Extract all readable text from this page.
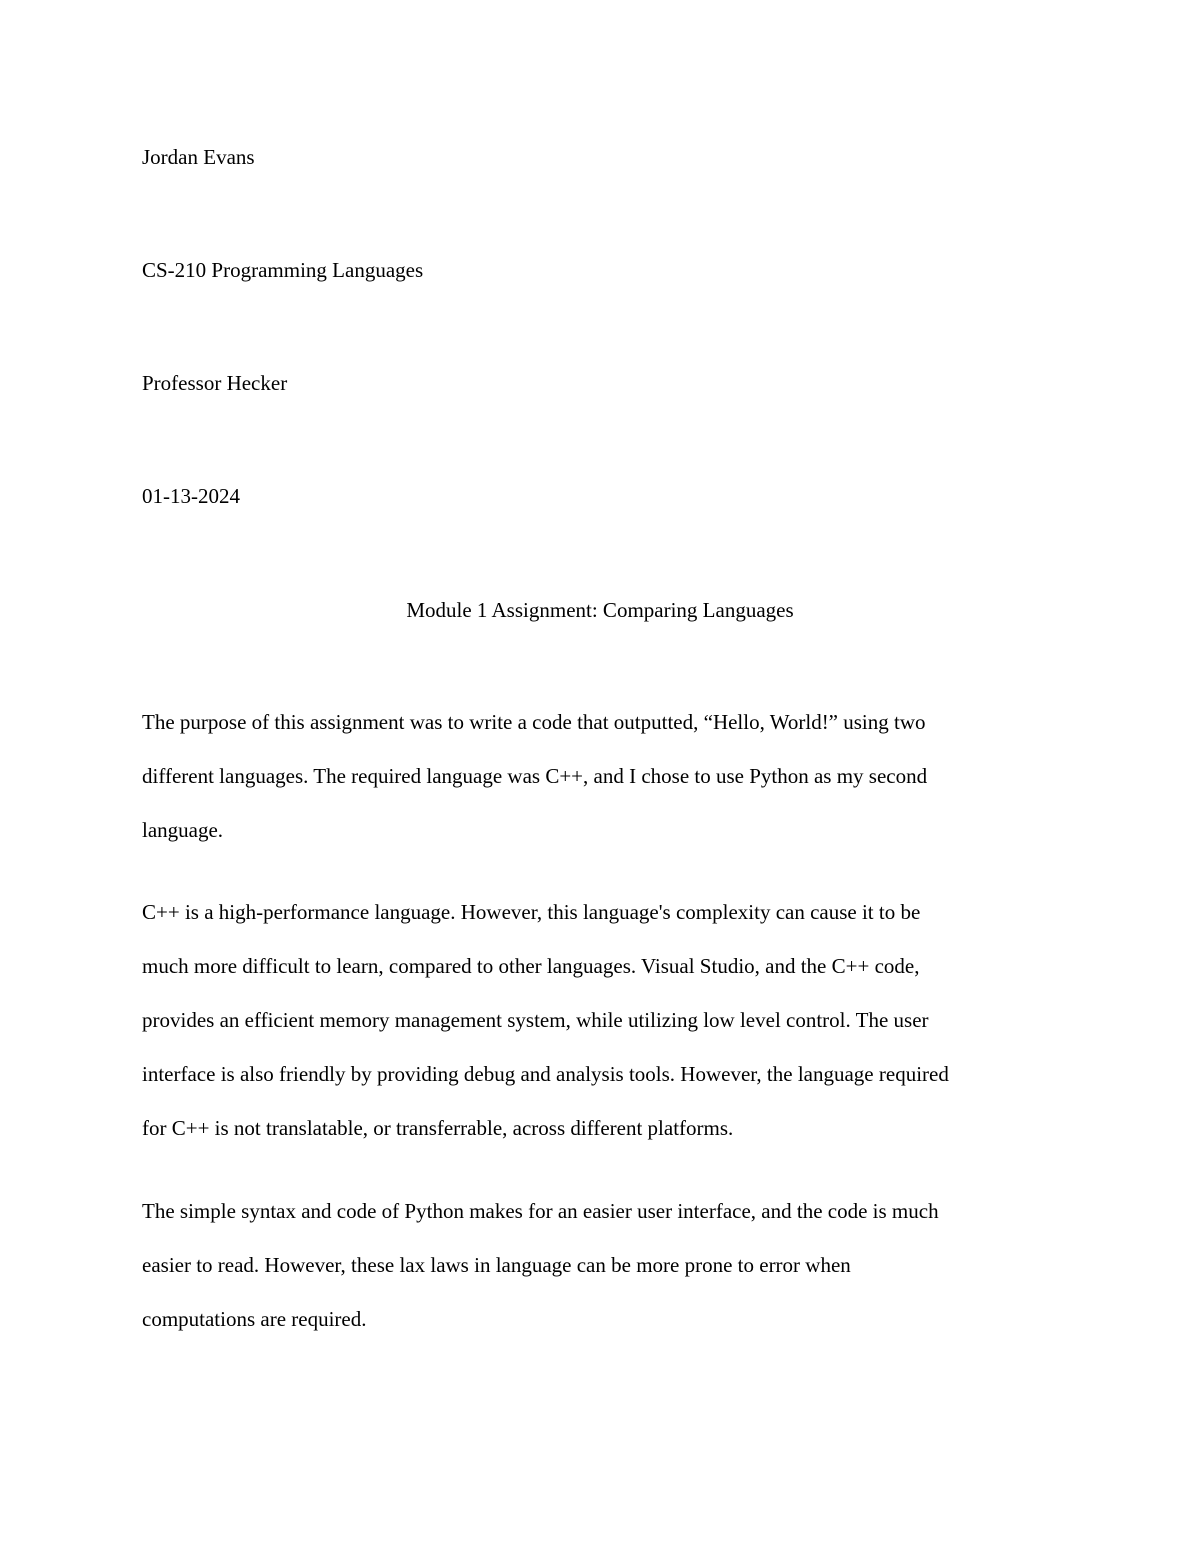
Jordan Evans
CS-210 Programming Languages
Professor Hecker
01-13-2024
Module 1 Assignment: Comparing Languages
The purpose of this assignment was to write a code that outputted, “Hello, World!” using two
different languages. The required language was C++, and I chose to use Python as my second
language.
C++ is a high-performance language. However, this language's complexity can cause it to be
much more difficult to learn, compared to other languages. Visual Studio, and the C++ code,
provides an efficient memory management system, while utilizing low level control. The user
interface is also friendly by providing debug and analysis tools. However, the language required
for C++ is not translatable, or transferrable, across different platforms.
The simple syntax and code of Python makes for an easier user interface, and the code is much
easier to read. However, these lax laws in language can be more prone to error when
computations are required.
